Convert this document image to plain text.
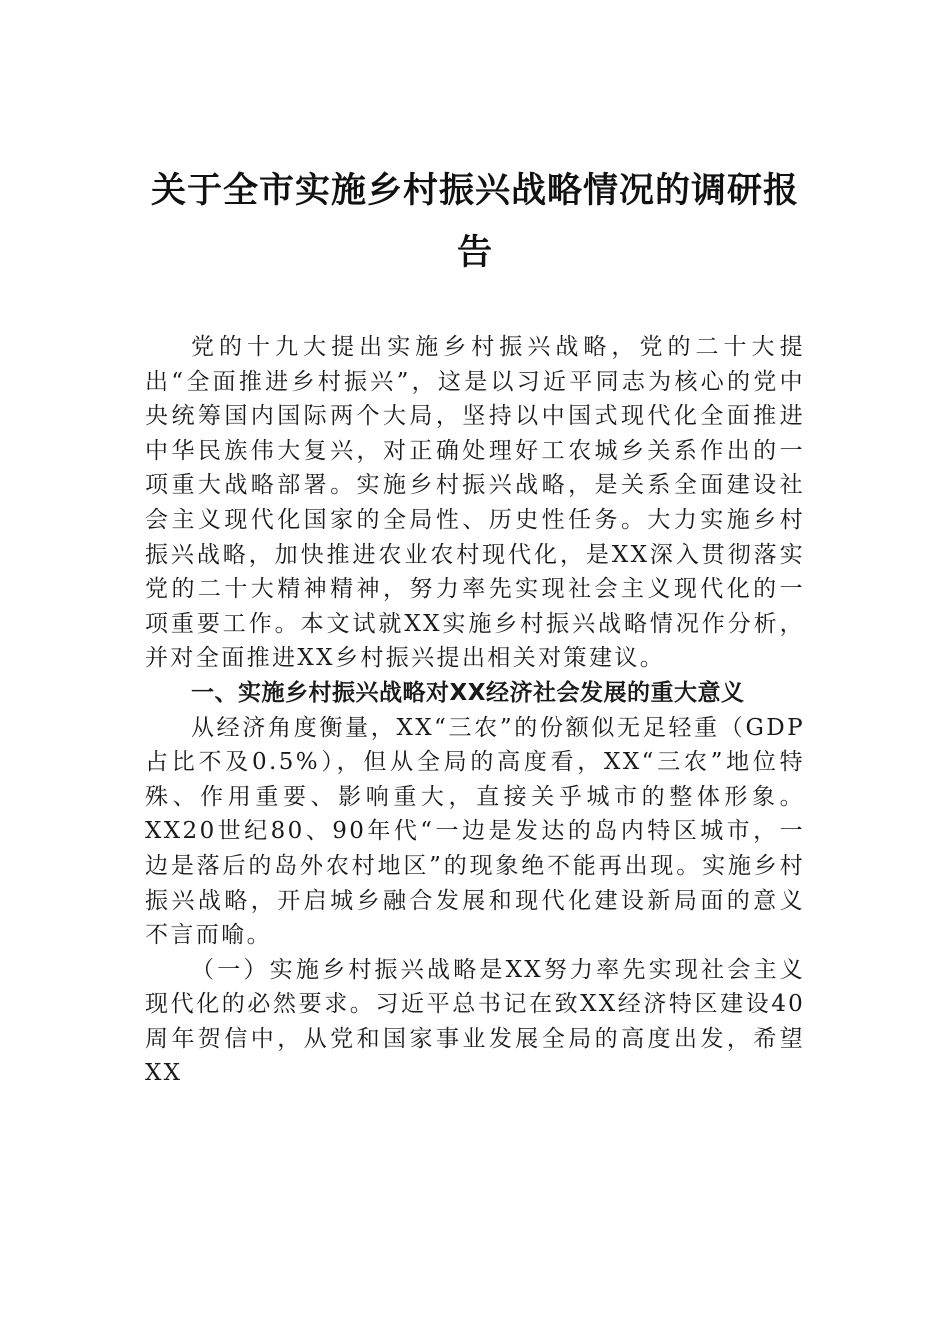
关于全市实施乡村振兴战略情况的调研报告

党的十九大提出实施乡村振兴战略，党的二十大提出“全面推进乡村振兴”，这是以习近平同志为核心的党中央统筹国内国际两个大局，坚持以中国式现代化全面推进中华民族伟大复兴，对正确处理好工农城乡关系作出的一项重大战略部署。实施乡村振兴战略，是关系全面建设社会主义现代化国家的全局性、历史性任务。大力实施乡村振兴战略，加快推进农业农村现代化，是XX深入贯彻落实党的二十大精神精神，努力率先实现社会主义现代化的一项重要工作。本文试就XX实施乡村振兴战略情况作分析，并对全面推进XX乡村振兴提出相关对策建议。

一、实施乡村振兴战略对XX经济社会发展的重大意义

从经济角度衡量，XX“三农”的份额似无足轻重（GDP占比不及0.5%），但从全局的高度看，XX“三农”地位特殊、作用重要、影响重大，直接关乎城市的整体形象。XX20世纪80、90年代“一边是发达的岛内特区城市，一边是落后的岛外农村地区”的现象绝不能再出现。实施乡村振兴战略，开启城乡融合发展和现代化建设新局面的意义不言而喻。

（一）实施乡村振兴战略是XX努力率先实现社会主义现代化的必然要求。习近平总书记在致XX经济特区建设40周年贺信中，从党和国家事业发展全局的高度出发，希望XX
